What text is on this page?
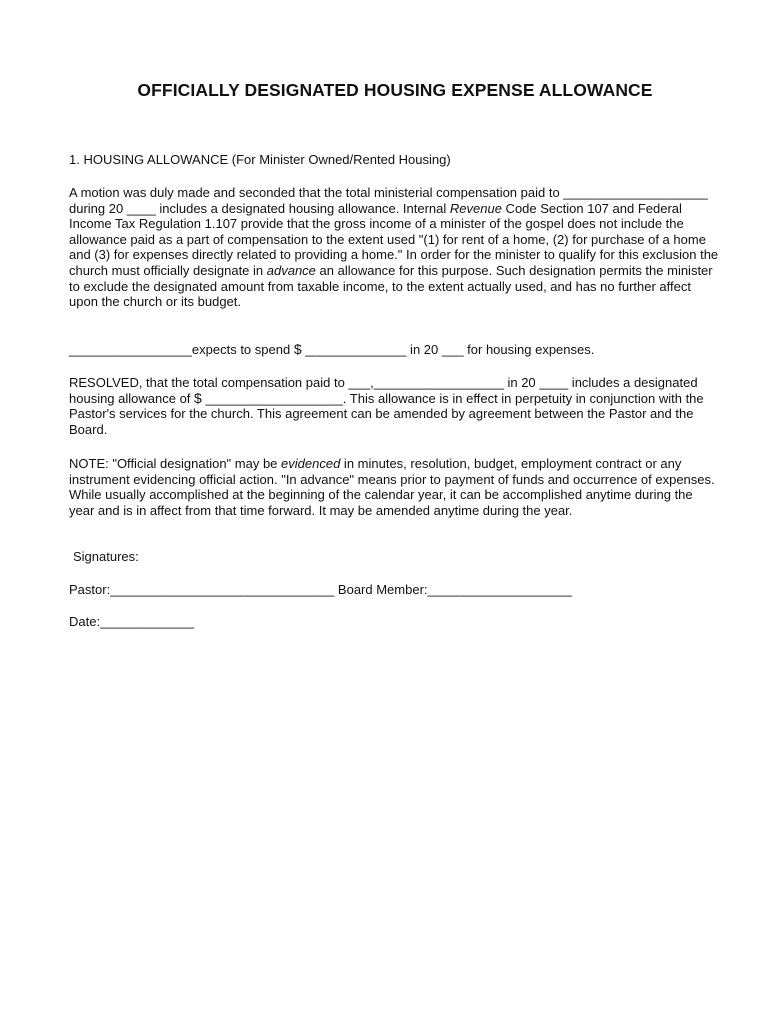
OFFICIALLY DESIGNATED HOUSING EXPENSE ALLOWANCE

1. HOUSING ALLOWANCE (For Minister Owned/Rented Housing)

A motion was duly made and seconded that the total ministerial compensation paid to ____________________ during 20 ____ includes a designated housing allowance. Internal Revenue Code Section 107 and Federal Income Tax Regulation 1.107 provide that the gross income of a minister of the gospel does not include the allowance paid as a part of compensation to the extent used "(1) for rent of a home, (2) for purchase of a home and (3) for expenses directly related to providing a home." In order for the minister to qualify for this exclusion the church must officially designate in advance an allowance for this purpose. Such designation permits the minister to exclude the designated amount from taxable income, to the extent actually used, and has no further affect upon the church or its budget.

_________________expects to spend $ ______________ in 20 ___ for housing expenses.

RESOLVED, that the total compensation paid to ___,__________________ in 20 ____ includes a designated housing allowance of $ ___________________. This allowance is in effect in perpetuity in conjunction with the Pastor's services for the church. This agreement can be amended by agreement between the Pastor and the Board.

NOTE: "Official designation" may be evidenced in minutes, resolution, budget, employment contract or any instrument evidencing official action. "In advance" means prior to payment of funds and occurrence of expenses. While usually accomplished at the beginning of the calendar year, it can be accomplished anytime during the year and is in affect from that time forward. It may be amended anytime during the year.

Signatures:

Pastor:_______________________________ Board Member:____________________

Date:_____________
